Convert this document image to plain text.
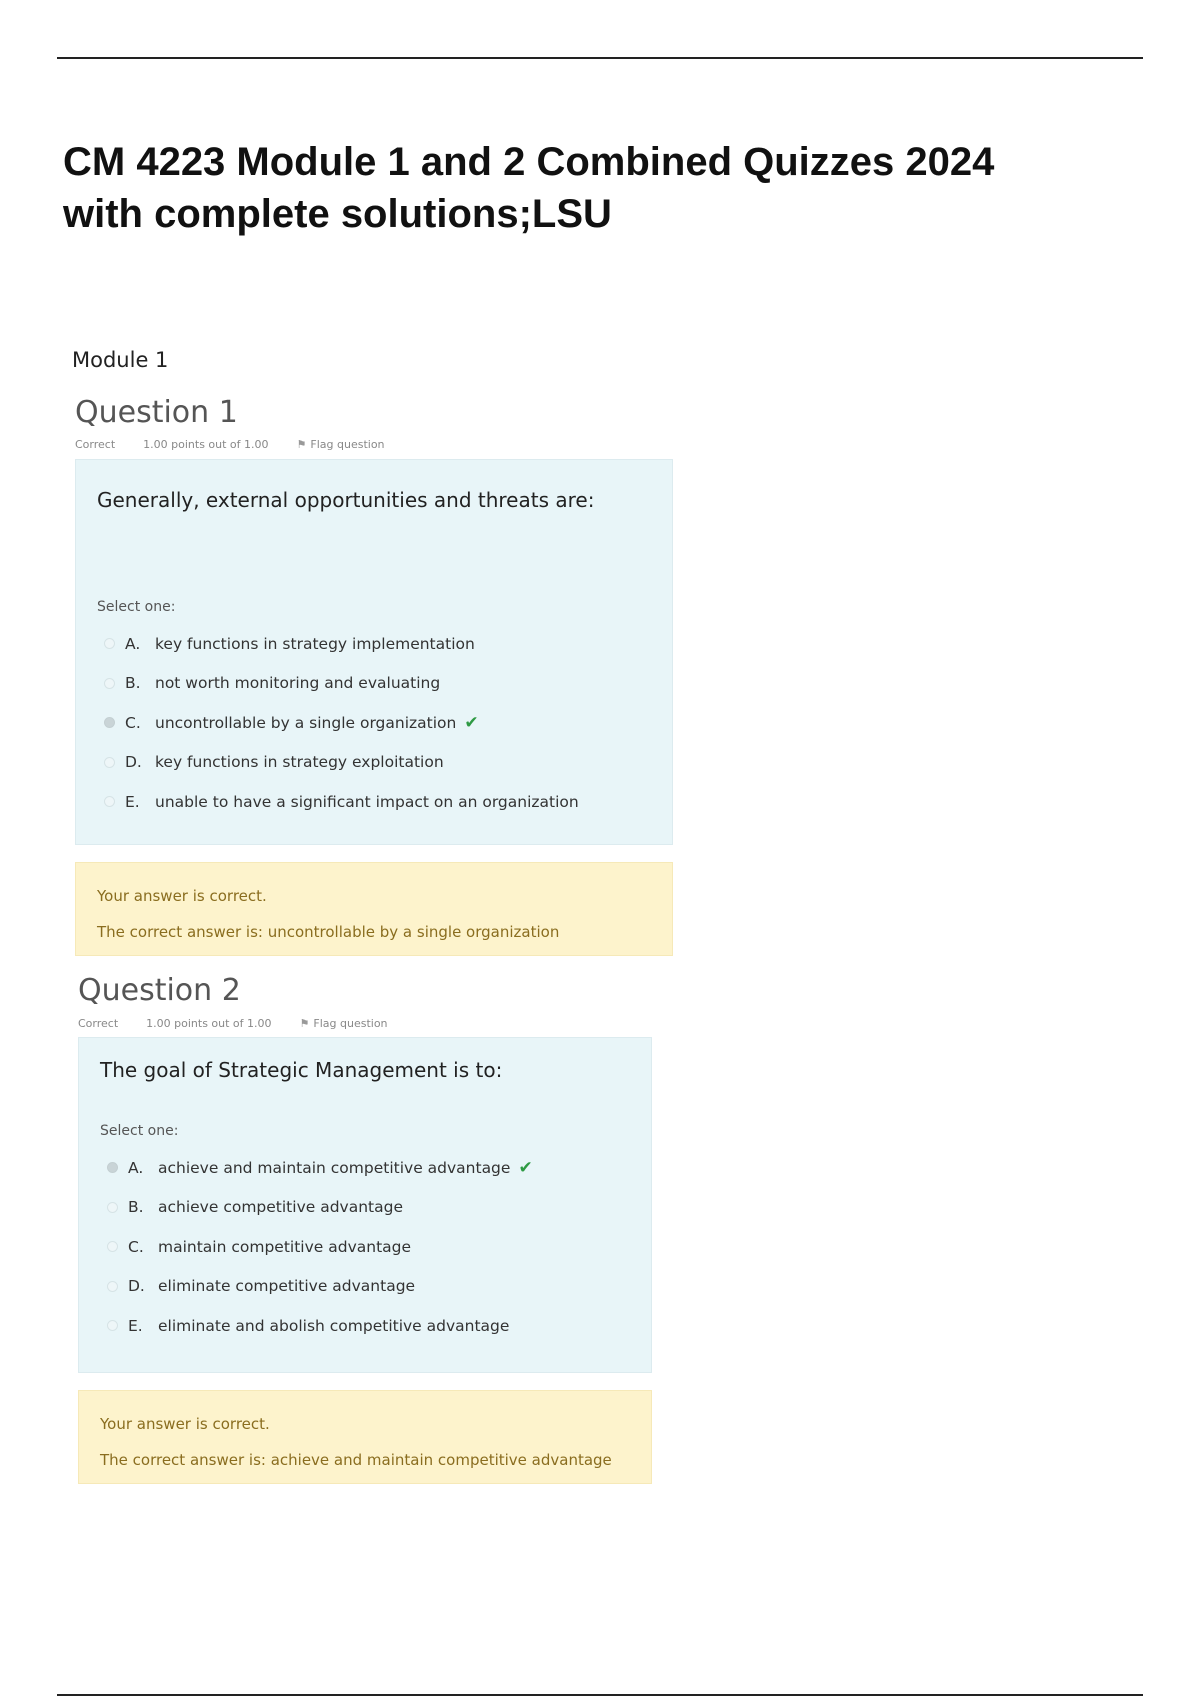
CM 4223 Module 1 and 2 Combined Quizzes 2024
with complete solutions;LSU

Module 1

Question 1
Correct	1.00 points out of 1.00	⚑ Flag question

Generally, external opportunities and threats are:

Select one:
A. key functions in strategy implementation
B. not worth monitoring and evaluating
C. uncontrollable by a single organization ✔
D. key functions in strategy exploitation
E. unable to have a significant impact on an organization

Your answer is correct.

The correct answer is: uncontrollable by a single organization

Question 2
Correct	1.00 points out of 1.00	⚑ Flag question

The goal of Strategic Management is to:

Select one:
A. achieve and maintain competitive advantage ✔
B. achieve competitive advantage
C. maintain competitive advantage
D. eliminate competitive advantage
E. eliminate and abolish competitive advantage

Your answer is correct.

The correct answer is: achieve and maintain competitive advantage
